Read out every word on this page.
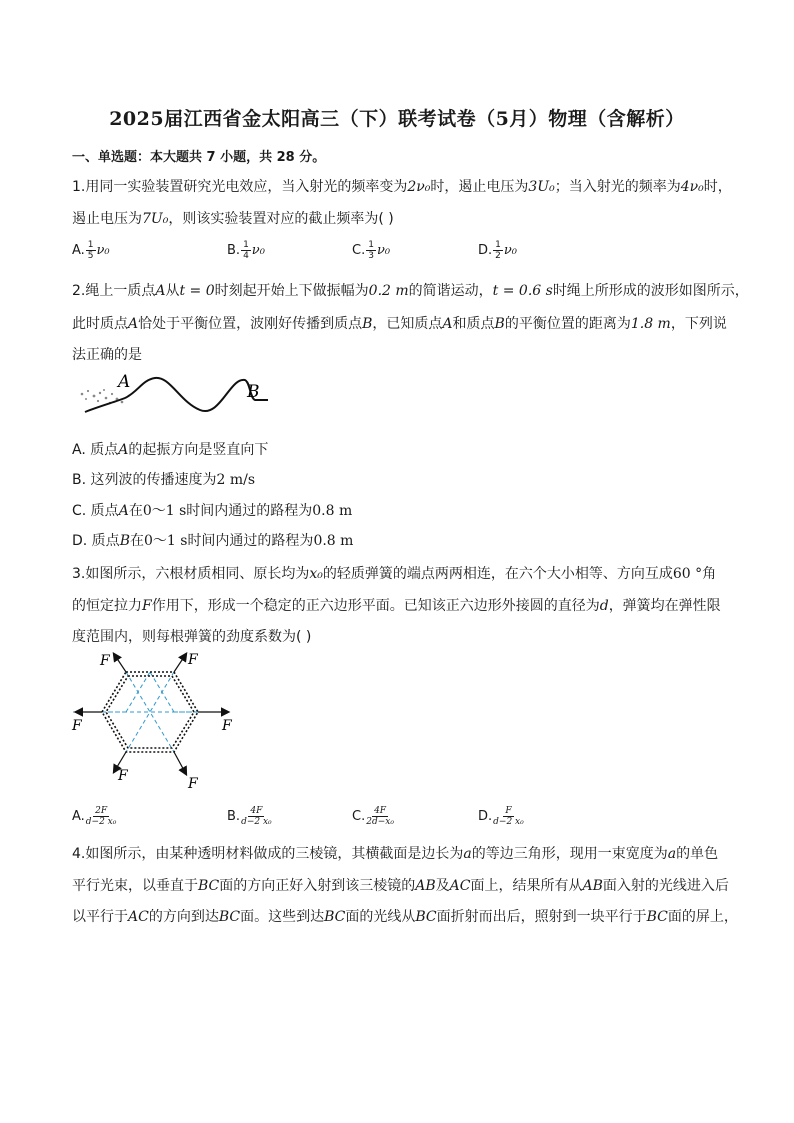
2025届江西省金太阳高三（下）联考试卷（5月）物理（含解析）
一、单选题：本大题共 7 小题，共 28 分。
1.用同一实验装置研究光电效应，当入射光的频率变为2ν₀时，遏止电压为3U₀；当入射光的频率为4ν₀时，
遏止电压为7U₀，则该实验装置对应的截止频率为( )
A. $\frac{1}{5} \nu_0$	B. $\frac{1}{4} \nu_0$	C. $\frac{1}{3} \nu_0$	D. $\frac{1}{2} \nu_0$
2.绳上一质点A从t = 0时刻起开始上下做振幅为0.2 m的简谐运动，t = 0.6 s时绳上所形成的波形如图所示，
此时质点A恰处于平衡位置，波刚好传播到质点B，已知质点A和质点B的平衡位置的距离为1.8 m，下列说
法正确的是
A	B
A. 质点A的起振方向是竖直向下
B. 这列波的传播速度为2 m/s
C. 质点A在0～1 s时间内通过的路程为0.8 m
D. 质点B在0～1 s时间内通过的路程为0.8 m
3.如图所示，六根材质相同、原长均为x₀的轻质弹簧的端点两两相连，在六个大小相等、方向互成60 °角
的恒定拉力F作用下，形成一个稳定的正六边形平面。已知该正六边形外接圆的直径为d，弹簧均在弹性限
度范围内，则每根弹簧的劲度系数为( )
F	F
F
F
F	F
A. $\frac{2F}{\text{d−2 x₀}}$	B. $\frac{4F}{\text{d−2 x₀}}$	C. $\frac{4F}{\text{2d−x₀}}$	D. $\frac{F}{\text{d−2 x₀}}$
4.如图所示，由某种透明材料做成的三棱镜，其横截面是边长为a的等边三角形，现用一束宽度为a的单色
平行光束，以垂直于BC面的方向正好入射到该三棱镜的AB及AC面上，结果所有从AB面入射的光线进入后
以平行于AC的方向到达BC面。这些到达BC面的光线从BC面折射而出后，照射到一块平行于BC面的屏上，
